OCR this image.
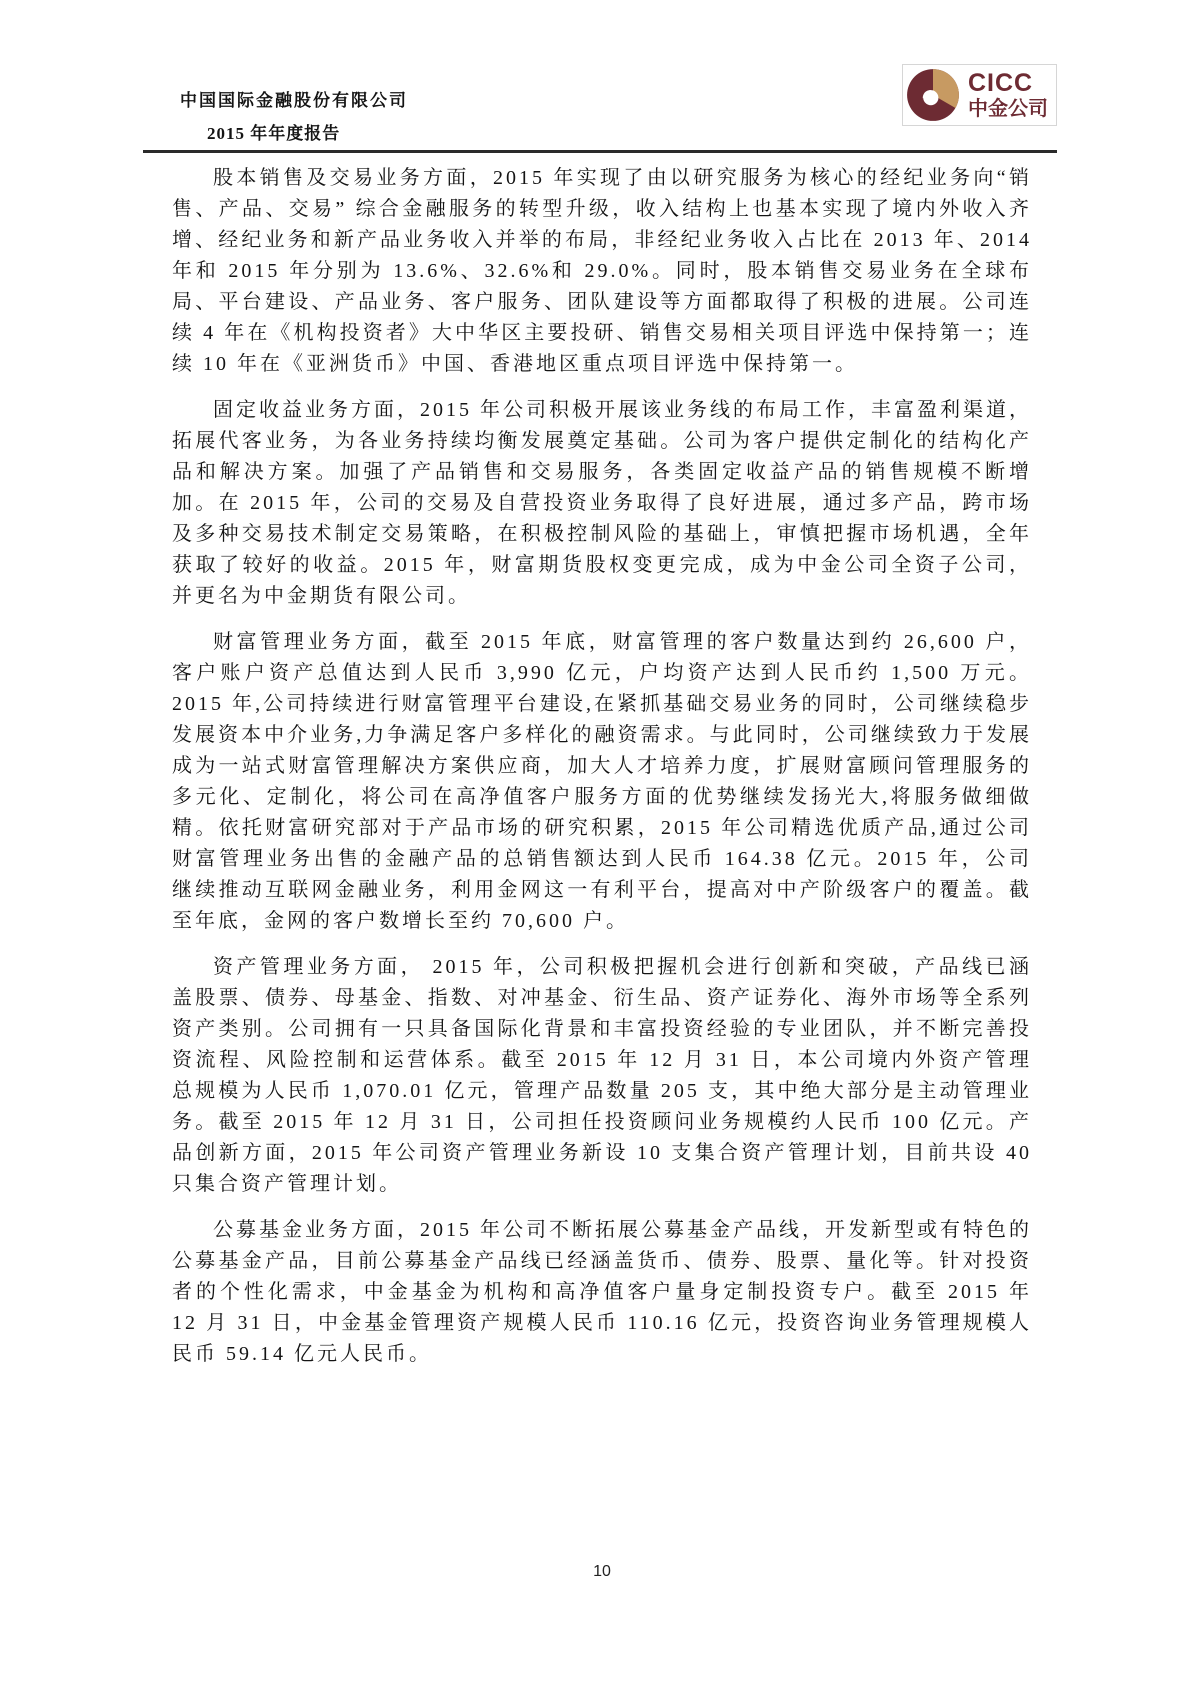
中国国际金融股份有限公司
2015 年年度报告
CICC
中金公司

股本销售及交易业务方面，2015 年实现了由以研究服务为核心的经纪业务向“销售、产品、交易” 综合金融服务的转型升级，收入结构上也基本实现了境内外收入齐增、经纪业务和新产品业务收入并举的布局，非经纪业务收入占比在 2013 年、2014 年和 2015 年分别为 13.6%、32.6%和 29.0%。同时，股本销售交易业务在全球布局、平台建设、产品业务、客户服务、团队建设等方面都取得了积极的进展。公司连续 4 年在《机构投资者》大中华区主要投研、销售交易相关项目评选中保持第一；连续 10 年在《亚洲货币》中国、香港地区重点项目评选中保持第一。

固定收益业务方面，2015 年公司积极开展该业务线的布局工作，丰富盈利渠道，拓展代客业务，为各业务持续均衡发展奠定基础。公司为客户提供定制化的结构化产品和解决方案。加强了产品销售和交易服务，各类固定收益产品的销售规模不断增加。在 2015 年，公司的交易及自营投资业务取得了良好进展，通过多产品，跨市场及多种交易技术制定交易策略，在积极控制风险的基础上，审慎把握市场机遇，全年获取了较好的收益。2015 年，财富期货股权变更完成，成为中金公司全资子公司，并更名为中金期货有限公司。

财富管理业务方面，截至 2015 年底，财富管理的客户数量达到约 26,600 户，客户账户资产总值达到人民币 3,990 亿元，户均资产达到人民币约 1,500 万元。2015 年,公司持续进行财富管理平台建设,在紧抓基础交易业务的同时，公司继续稳步发展资本中介业务,力争满足客户多样化的融资需求。与此同时，公司继续致力于发展成为一站式财富管理解决方案供应商，加大人才培养力度，扩展财富顾问管理服务的多元化、定制化，将公司在高净值客户服务方面的优势继续发扬光大,将服务做细做精。依托财富研究部对于产品市场的研究积累，2015 年公司精选优质产品,通过公司财富管理业务出售的金融产品的总销售额达到人民币 164.38 亿元。2015 年，公司继续推动互联网金融业务，利用金网这一有利平台，提高对中产阶级客户的覆盖。截至年底，金网的客户数增长至约 70,600 户。

资产管理业务方面， 2015 年，公司积极把握机会进行创新和突破，产品线已涵盖股票、债券、母基金、指数、对冲基金、衍生品、资产证券化、海外市场等全系列资产类别。公司拥有一只具备国际化背景和丰富投资经验的专业团队，并不断完善投资流程、风险控制和运营体系。截至 2015 年 12 月 31 日，本公司境内外资产管理总规模为人民币 1,070.01 亿元，管理产品数量 205 支，其中绝大部分是主动管理业务。截至 2015 年 12 月 31 日，公司担任投资顾问业务规模约人民币 100 亿元。产品创新方面，2015 年公司资产管理业务新设 10 支集合资产管理计划，目前共设 40 只集合资产管理计划。

公募基金业务方面，2015 年公司不断拓展公募基金产品线，开发新型或有特色的公募基金产品，目前公募基金产品线已经涵盖货币、债券、股票、量化等。针对投资者的个性化需求，中金基金为机构和高净值客户量身定制投资专户。截至 2015 年 12 月 31 日，中金基金管理资产规模人民币 110.16 亿元，投资咨询业务管理规模人民币 59.14 亿元人民币。

10
